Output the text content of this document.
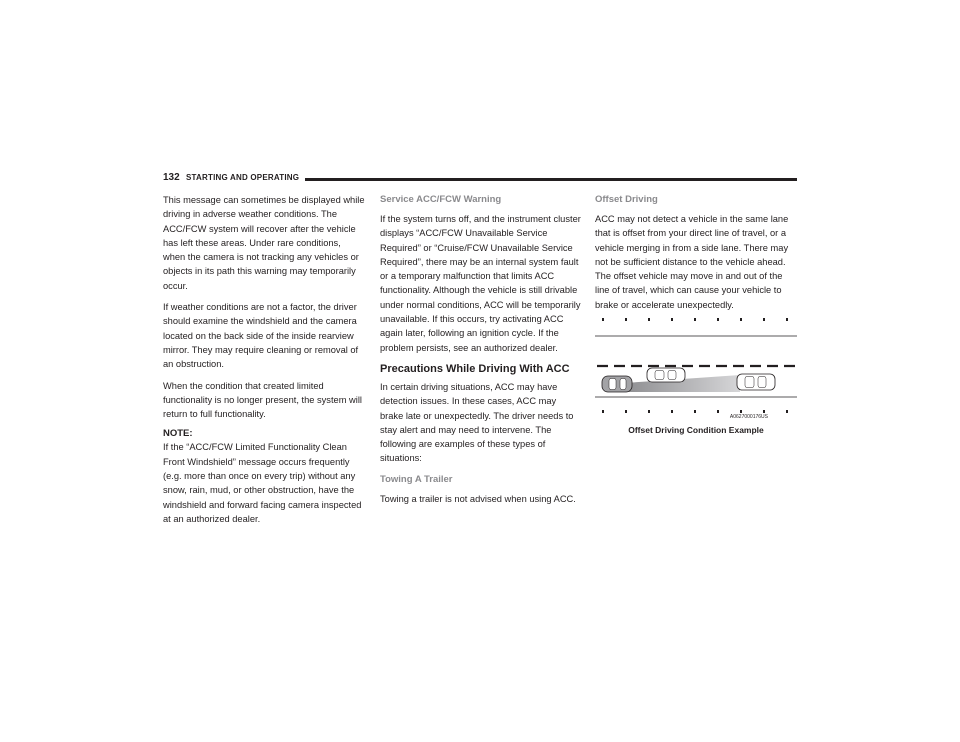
132 STARTING AND OPERATING

This message can sometimes be displayed while driving in adverse weather conditions. The ACC/FCW system will recover after the vehicle has left these areas. Under rare conditions, when the camera is not tracking any vehicles or objects in its path this warning may temporarily occur.

If weather conditions are not a factor, the driver should examine the windshield and the camera located on the back side of the inside rearview mirror. They may require cleaning or removal of an obstruction.

When the condition that created limited functionality is no longer present, the system will return to full functionality.

NOTE:

If the “ACC/FCW Limited Functionality Clean Front Windshield” message occurs frequently (e.g. more than once on every trip) without any snow, rain, mud, or other obstruction, have the windshield and forward facing camera inspected at an authorized dealer.

Service ACC/FCW Warning

If the system turns off, and the instrument cluster displays “ACC/FCW Unavailable Service Required” or “Cruise/FCW Unavailable Service Required”, there may be an internal system fault or a temporary malfunction that limits ACC functionality. Although the vehicle is still drivable under normal conditions, ACC will be temporarily unavailable. If this occurs, try activating ACC again later, following an ignition cycle. If the problem persists, see an authorized dealer.

Precautions While Driving With ACC

In certain driving situations, ACC may have detection issues. In these cases, ACC may brake late or unexpectedly. The driver needs to stay alert and may need to intervene. The following are examples of these types of situations:

Towing A Trailer

Towing a trailer is not advised when using ACC.

Offset Driving

ACC may not detect a vehicle in the same lane that is offset from your direct line of travel, or a vehicle merging in from a side lane. There may not be sufficient distance to the vehicle ahead. The offset vehicle may move in and out of the line of travel, which can cause your vehicle to brake or accelerate unexpectedly.

A0627000176US
Offset Driving Condition Example
